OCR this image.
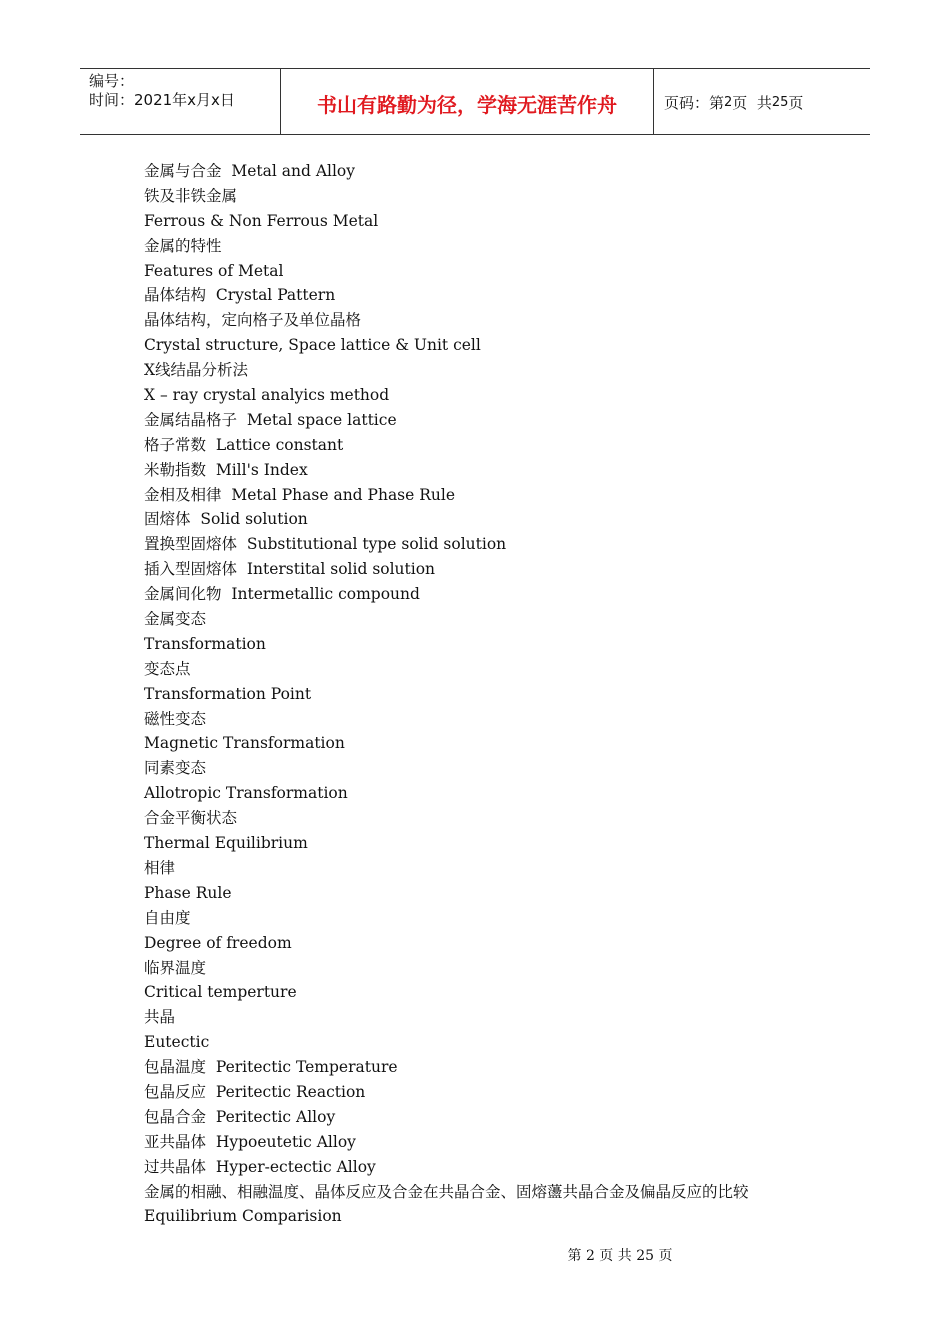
编号：
时间：2021年x月x日	书山有路勤为径，学海无涯苦作舟	页码：第 2 页  共 25 页
金属与合金  Metal and Alloy
铁及非铁金属
Ferrous & Non Ferrous Metal
金属的特性
Features of Metal
晶体结构  Crystal Pattern
晶体结构，定向格子及单位晶格
Crystal structure, Space lattice & Unit cell
X线结晶分析法
X – ray crystal analyics method
金属结晶格子  Metal space lattice
格子常数  Lattice constant
米勒指数  Mill's Index
金相及相律  Metal Phase and Phase Rule
固熔体  Solid solution
置换型固熔体  Substitutional type solid solution
插入型固熔体  Interstital solid solution
金属间化物  Intermetallic compound
金属变态
Transformation
变态点
Transformation Point
磁性变态
Magnetic Transformation
同素变态
Allotropic Transformation
合金平衡状态
Thermal Equilibrium
相律
Phase Rule
自由度
Degree of freedom
临界温度
Critical temperture
共晶
Eutectic
包晶温度  Peritectic Temperature
包晶反应  Peritectic Reaction
包晶合金  Peritectic Alloy
亚共晶体  Hypoeutetic Alloy
过共晶体  Hyper-ectectic Alloy
金属的相融、相融温度、晶体反应及合金在共晶合金、固熔蘯共晶合金及偏晶反应的比较
Equilibrium Comparision
第 2 页 共 25 页
